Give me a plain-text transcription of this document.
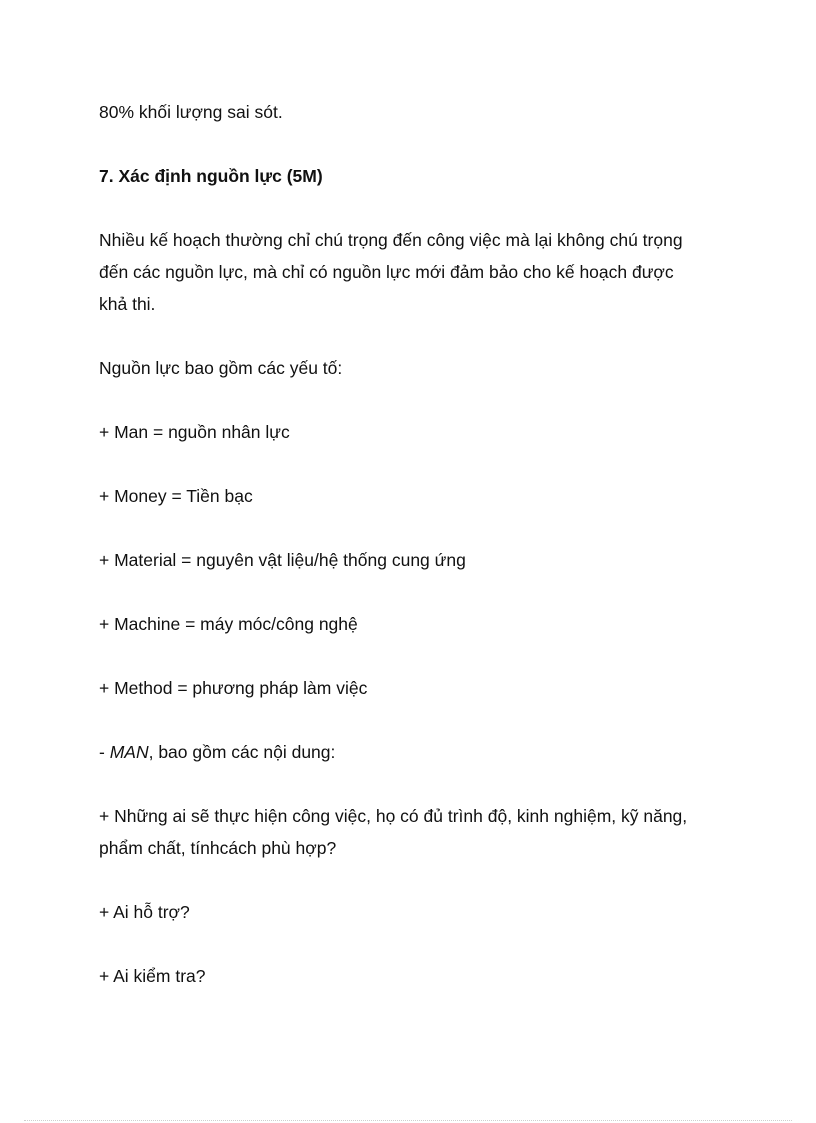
80% khối lượng sai sót.

7. Xác định nguồn lực (5M)

Nhiều kế hoạch thường chỉ chú trọng đến công việc mà lại không chú trọng đến các nguồn lực, mà chỉ có nguồn lực mới đảm bảo cho kế hoạch được khả thi.

Nguồn lực bao gồm các yếu tố:

+ Man = nguồn nhân lực

+ Money = Tiền bạc

+ Material = nguyên vật liệu/hệ thống cung ứng

+ Machine = máy móc/công nghệ

+ Method = phương pháp làm việc

- MAN, bao gồm các nội dung:

+ Những ai sẽ thực hiện công việc, họ có đủ trình độ, kinh nghiệm, kỹ năng, phẩm chất, tínhcách phù hợp?

+ Ai hỗ trợ?

+ Ai kiểm tra?
